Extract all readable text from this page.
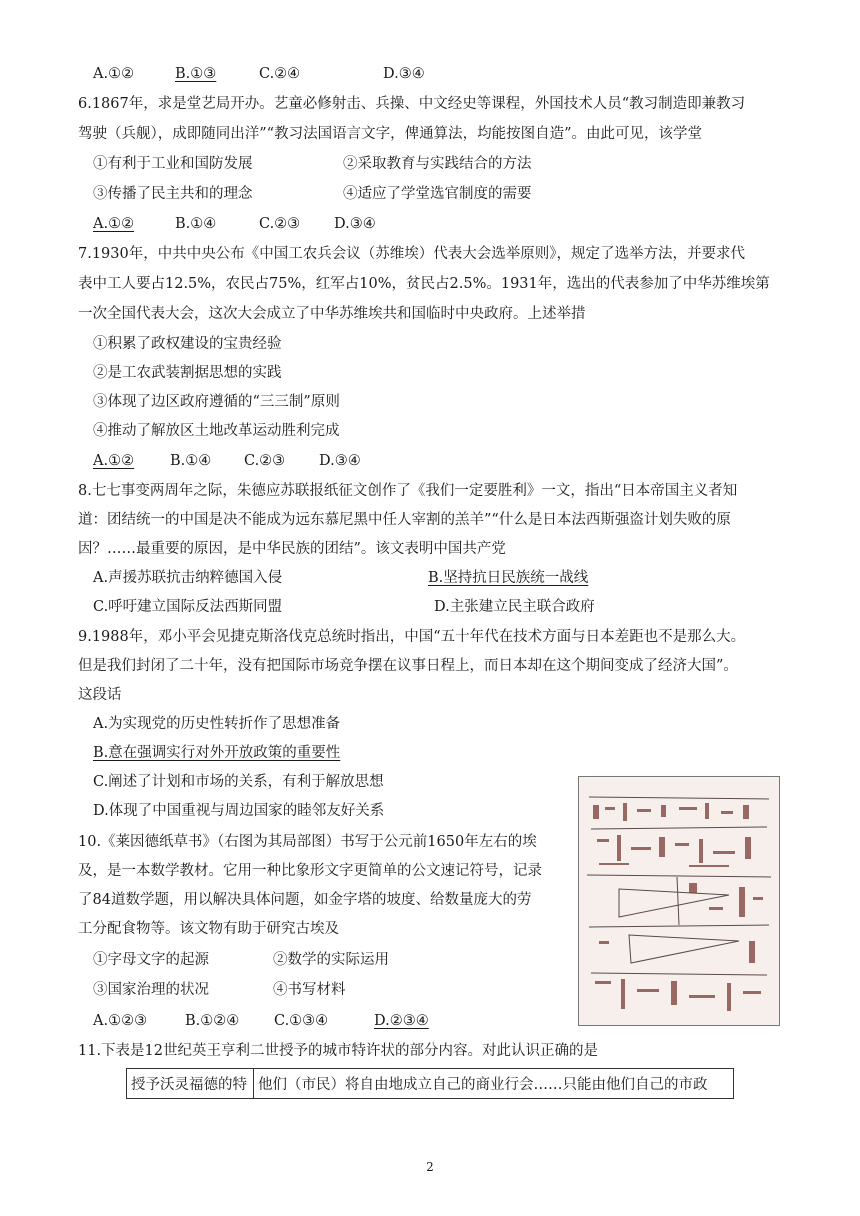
A.①②	B.①③	C.②④	D.③④
6.1867年，求是堂艺局开办。艺童必修射击、兵操、中文经史等课程，外国技术人员“教习制造即兼教习
驾驶（兵舰），成即随同出洋”“教习法国语言文字，俾通算法，均能按图自造”。由此可见，该学堂
①有利于工业和国防发展	②采取教育与实践结合的方法
③传播了民主共和的理念	④适应了学堂选官制度的需要
A.①②	B.①④	C.②③ D.③④
7.1930年，中共中央公布《中国工农兵会议（苏维埃）代表大会选举原则》，规定了选举方法，并要求代
表中工人要占12.5%，农民占75%，红军占10%，贫民占2.5%。1931年，选出的代表参加了中华苏维埃第
一次全国代表大会，这次大会成立了中华苏维埃共和国临时中央政府。上述举措
①积累了政权建设的宝贵经验
②是工农武装割据思想的实践
③体现了边区政府遵循的“三三制”原则
④推动了解放区土地改革运动胜利完成
A.①② B.①④ C.②③ D.③④
8.七七事变两周年之际，朱德应苏联报纸征文创作了《我们一定要胜利》一文，指出“日本帝国主义者知
道：团结统一的中国是决不能成为远东慕尼黑中任人宰割的羔羊”“什么是日本法西斯强盗计划失败的原
因？……最重要的原因，是中华民族的团结”。该文表明中国共产党
A.声援苏联抗击纳粹德国入侵	B.坚持抗日民族统一战线
C.呼吁建立国际反法西斯同盟	D.主张建立民主联合政府
9.1988年，邓小平会见捷克斯洛伐克总统时指出，中国“五十年代在技术方面与日本差距也不是那么大。
但是我们封闭了二十年，没有把国际市场竞争摆在议事日程上，而日本却在这个期间变成了经济大国”。
这段话
A.为实现党的历史性转折作了思想准备
B.意在强调实行对外开放政策的重要性
C.阐述了计划和市场的关系，有利于解放思想
D.体现了中国重视与周边国家的睦邻友好关系
10.《莱因德纸草书》（右图为其局部图）书写于公元前1650年左右的埃
及，是一本数学教材。它用一种比象形文字更简单的公文速记符号，记录
了84道数学题，用以解决具体问题，如金字塔的坡度、给数量庞大的劳
工分配食物等。该文物有助于研究古埃及
①字母文字的起源	②数学的实际运用
③国家治理的状况	④书写材料
A.①②③	B.①②④ C.①③④	D.②③④
11.下表是12世纪英王亨利二世授予的城市特许状的部分内容。对此认识正确的是
授予沃灵福德的特	他们（市民）将自由地成立自己的商业行会……只能由他们自己的市政
2
